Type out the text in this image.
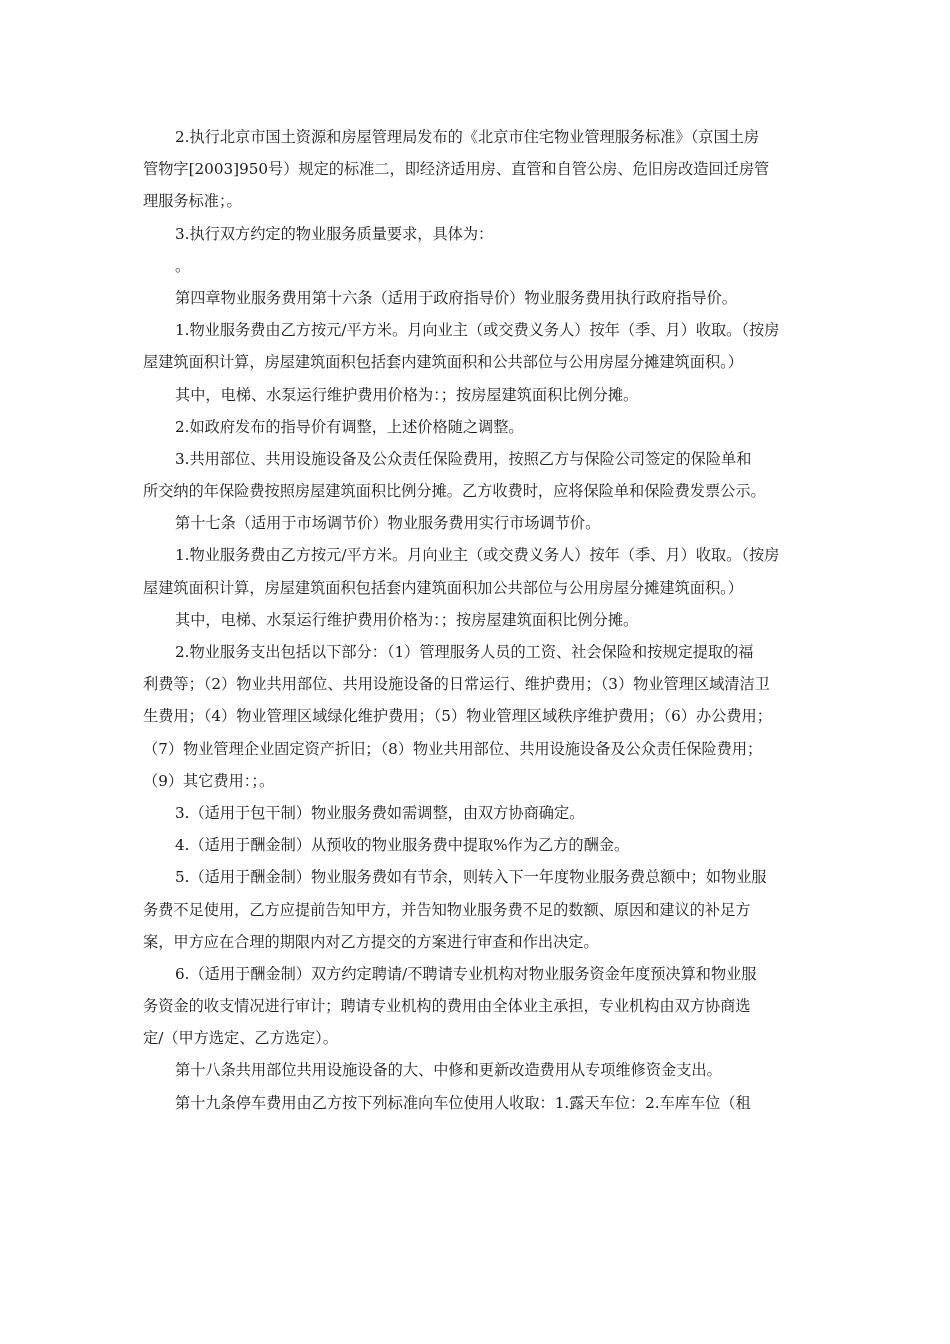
2.执行北京市国土资源和房屋管理局发布的《北京市住宅物业管理服务标准》（京国土房
管物字[2003]950号）规定的标准二，即经济适用房、直管和自管公房、危旧房改造回迁房管
理服务标准；。
3.执行双方约定的物业服务质量要求，具体为：
。
第四章物业服务费用第十六条（适用于政府指导价）物业服务费用执行政府指导价。
1.物业服务费由乙方按元/平方米。月向业主（或交费义务人）按年（季、月）收取。（按房
屋建筑面积计算，房屋建筑面积包括套内建筑面积和公共部位与公用房屋分摊建筑面积。）
其中，电梯、水泵运行维护费用价格为：；按房屋建筑面积比例分摊。
2.如政府发布的指导价有调整，上述价格随之调整。
3.共用部位、共用设施设备及公众责任保险费用，按照乙方与保险公司签定的保险单和
所交纳的年保险费按照房屋建筑面积比例分摊。乙方收费时，应将保险单和保险费发票公示。
第十七条（适用于市场调节价）物业服务费用实行市场调节价。
1.物业服务费由乙方按元/平方米。月向业主（或交费义务人）按年（季、月）收取。（按房
屋建筑面积计算，房屋建筑面积包括套内建筑面积加公共部位与公用房屋分摊建筑面积。）
其中，电梯、水泵运行维护费用价格为：；按房屋建筑面积比例分摊。
2.物业服务支出包括以下部分：（1）管理服务人员的工资、社会保险和按规定提取的福
利费等；（2）物业共用部位、共用设施设备的日常运行、维护费用；（3）物业管理区域清洁卫
生费用；（4）物业管理区域绿化维护费用；（5）物业管理区域秩序维护费用；（6）办公费用；
（7）物业管理企业固定资产折旧；（8）物业共用部位、共用设施设备及公众责任保险费用；
（9）其它费用：；。
3.（适用于包干制）物业服务费如需调整，由双方协商确定。
4.（适用于酬金制）从预收的物业服务费中提取%作为乙方的酬金。
5.（适用于酬金制）物业服务费如有节余，则转入下一年度物业服务费总额中；如物业服
务费不足使用，乙方应提前告知甲方，并告知物业服务费不足的数额、原因和建议的补足方
案，甲方应在合理的期限内对乙方提交的方案进行审查和作出决定。
6.（适用于酬金制）双方约定聘请/不聘请专业机构对物业服务资金年度预决算和物业服
务资金的收支情况进行审计；聘请专业机构的费用由全体业主承担，专业机构由双方协商选
定/（甲方选定、乙方选定）。
第十八条共用部位共用设施设备的大、中修和更新改造费用从专项维修资金支出。
第十九条停车费用由乙方按下列标准向车位使用人收取：1.露天车位：2.车库车位（租
